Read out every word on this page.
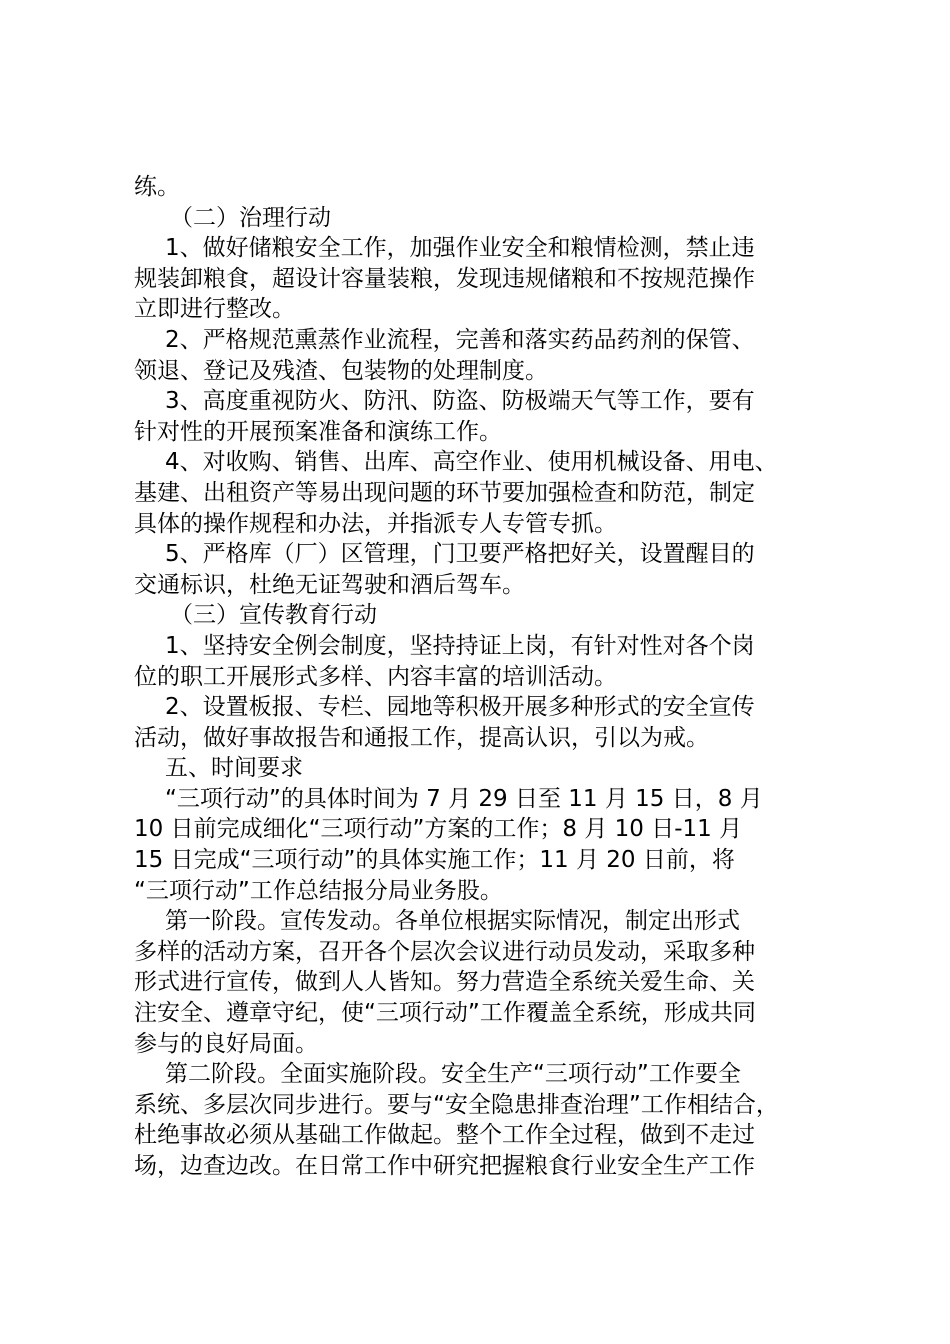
练。
（二）治理行动
1、做好储粮安全工作，加强作业安全和粮情检测，禁止违
规装卸粮食，超设计容量装粮，发现违规储粮和不按规范操作
立即进行整改。
2、严格规范熏蒸作业流程，完善和落实药品药剂的保管、
领退、登记及残渣、包装物的处理制度。
3、高度重视防火、防汛、防盗、防极端天气等工作，要有
针对性的开展预案准备和演练工作。
4、对收购、销售、出库、高空作业、使用机械设备、用电、
基建、出租资产等易出现问题的环节要加强检查和防范，制定
具体的操作规程和办法，并指派专人专管专抓。
5、严格库（厂）区管理，门卫要严格把好关，设置醒目的
交通标识，杜绝无证驾驶和酒后驾车。
（三）宣传教育行动
1、坚持安全例会制度，坚持持证上岗，有针对性对各个岗
位的职工开展形式多样、内容丰富的培训活动。
2、设置板报、专栏、园地等积极开展多种形式的安全宣传
活动，做好事故报告和通报工作，提高认识，引以为戒。
五、时间要求
“三项行动”的具体时间为 7 月 29 日至 11 月 15 日，8 月
10 日前完成细化“三项行动”方案的工作；8 月 10 日-11 月
15 日完成“三项行动”的具体实施工作；11 月 20 日前，将
“三项行动”工作总结报分局业务股。
第一阶段。宣传发动。各单位根据实际情况，制定出形式
多样的活动方案，召开各个层次会议进行动员发动，采取多种
形式进行宣传，做到人人皆知。努力营造全系统关爱生命、关
注安全、遵章守纪，使“三项行动”工作覆盖全系统，形成共同
参与的良好局面。
第二阶段。全面实施阶段。安全生产“三项行动”工作要全
系统、多层次同步进行。要与“安全隐患排查治理”工作相结合，
杜绝事故必须从基础工作做起。整个工作全过程，做到不走过
场，边查边改。在日常工作中研究把握粮食行业安全生产工作
